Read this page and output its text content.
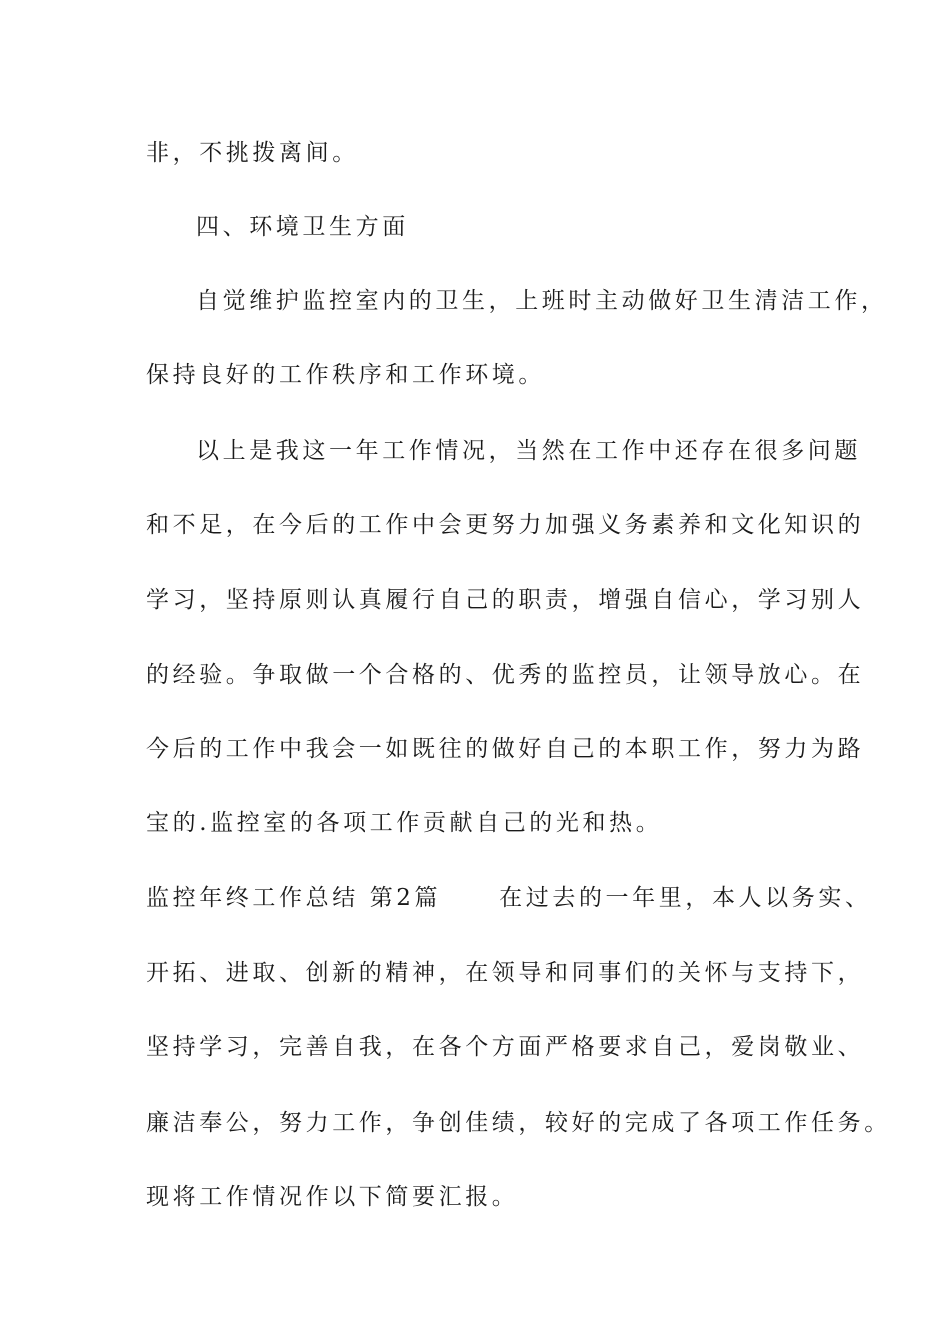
非，不挑拨离间。
四、环境卫生方面
自觉维护监控室内的卫生，上班时主动做好卫生清洁工作，
保持良好的工作秩序和工作环境。
以上是我这一年工作情况，当然在工作中还存在很多问题
和不足，在今后的工作中会更努力加强义务素养和文化知识的
学习，坚持原则认真履行自己的职责，增强自信心，学习别人
的经验。争取做一个合格的、优秀的监控员，让领导放心。在
今后的工作中我会一如既往的做好自己的本职工作，努力为路
宝的.监控室的各项工作贡献自己的光和热。
监控年终工作总结 第2篇	在过去的一年里，本人以务实、
开拓、进取、创新的精神，在领导和同事们的关怀与支持下，
坚持学习，完善自我，在各个方面严格要求自己，爱岗敬业、
廉洁奉公，努力工作，争创佳绩，较好的完成了各项工作任务。
现将工作情况作以下简要汇报。
